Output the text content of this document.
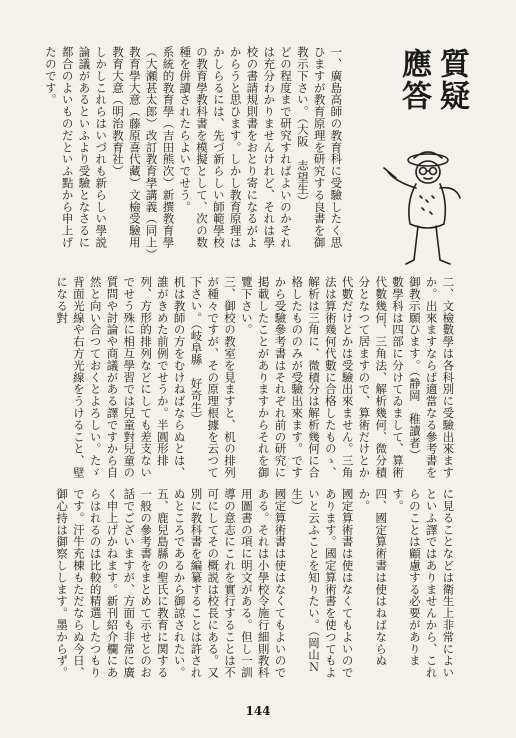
質疑
應答

一、廣島高師の教育科に受驗したく思ひますが教育原理を研究する良書を御教示下さい。（大阪　志望生）
どの程度まで研究すればよいのかそれは充分わかりませんけれど、それは學校の書請規則書をおとり寄になるがよからうと思ひます。しかし教育原理はかしらるには、先づ新らしい師範學校の教育學教科書を模擬として、次の数種を併讀されたらよいでせう。
系統的教育學（吉田熊次）新撰教育學（大瀬甚太郎）改訂教育學講義（同上）教育學大意（藤原喜代藏）文檢受驗用教育大意（明治教育社）
しかしこれらはいづれも新らしい學説論議があるといふより受驗となさるに都合のよいものだといふ點から申上げたのです。

二、文檢數學は各科別に受驗出來ますか。出來ますならば適當なる參考書を御教示願ひます。（静岡　稚讀者）
數學科は四部に分けてゐまして、算術代數幾何、三角法、解析幾何、微分積分となつて居ますので、算術だけとか代數だけとかは受驗出來ません。三角法は算術幾何代數に合格したものゝ、解析は三角に、微積分は解析幾何に合格したもののみが受驗出來ます。ですから受驗參考書はそれぞれ前の研究に掲載したことがありますからそれを御覽下さい。
三、御校の教室を見ますと、机の排列が種々ですが、その原理根據を云つて下さい。（岐阜縣　好奇生）
机は教師の方をむけねばならぬとは、誰がきめた前例でせうか。半圓形排列、方形的排列などにしても差支ないでせう殊に相互學習では兒童對兒童の質問や討論や商議がある譯ですから自然と向い合つておくとよろしい。たゞ背面光線や右方光線をうけること、壁になる對

に見ることなどは衛生上非常によいといふ譯ではありませんから、これらのことは顧慮する必要があります。
四、國定算術書は使はねばならぬか。
國定算術書は使はなくてもよいのであります。國定算術書を使つてもよいと云ふことを知りたい。（岡山Ｎ生）
國定算術書は使はなくてもよいのである。それは小學校令施行細則教科用圖書の項に明文がある。但し一訓導の意志にこれを實行することは不可にしてその概説は校長にある。又別に教科書を編纂することは許されぬところであるから御諒されたい。
五、鹿兒島縣の聖氏に教育に関する一般の參考書をまとめて示せとのお話でございますが、方面も非常に廣く申上げかねます。新刊紹介欄にあらはれるのは比較的精選したつもりです。汗牛充棟もただならぬ今日、御心持は御察しします。墨からず。

144
